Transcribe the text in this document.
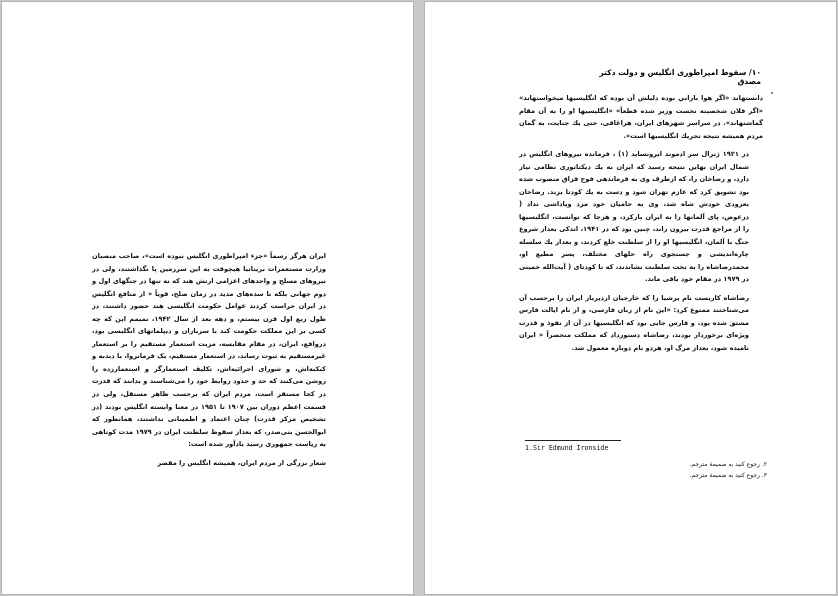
ایران هرگز رسماً «جزء امپراطوری انگلیس نبوده است»، صاحب منصبان وزارت مستعمرات بریتانیا هیچوقت به این سرزمین پا نگذاشتند، ولی در نیروهای مسلح و واحدهای اعزامی ارتش هند که نه تنها در جنگهای اول و دوم جهانی بلکه تا سده‌های مدید در زمان صلح، قویاً « از منافع انگلیس در ایران حراست کردند عوامل حکومت انگلیسی هند حضور داشتند، در طول ربع اول قرن بیستم، و دهه بعد از سال ۱۹۴۲، تمیمم این که چه کسی بر این مملکت حکومت کند با سربازان و دیپلماتهای انگلیسی بود، درواقع، ایران، در مقام مقایسه، مزیت استعمار مستقیم را بر استعمار غیرمستقیم به ثبوت رساند، در استعمار مستقیم، یک فرمانروا، با دبدبه و کبکبه‌اش، و شورای اجرائیه‌اش، تکلیف استعمارگر و استعمارزده را روشن می‌کنند که حد و حدود روابط خود را می‌شناسند و بدانند که قدرت در کجا مستقر است، مردم ایران که برحسب ظاهر مستقل، ولی در قسمت اعظم دوران بین ۱۹۰۷ تا ۱۹۵۱ در معنا وابسته انگلیس بودند (در تشخیص مرکز قدرت) چنان اعتماد و اطمینانی نداشتند، همانطور که ابوالحسن بنی‌صدر، که بعداز سقوط سلطنت ایران در ۱۹۷۹ مدت کوتاهی به ریاست جمهوری رسید یادآور شده است:

شعار بزرگی از مردم ایران، همیشه انگلیس را مقصر

۱۰/ سقوط امپراطوری انگلیس و دولت دکتر مصدق

دانستهاند «اگر هوا باراني بوده دليلش آن بوده كه انگليسيها میخواستهاند» «اگر فلان شخصيته نخست وزير شده قطعاً» «انگليسيها او را به آن مقام گماشتهاند». در سراسر شهرهای ايران، هراغاقی، حتی يك جنايت، به گمان مردم همیشه نتيجه تحريك انگليسيها است».

در ۱۹۲۱ ژنرال سر ادموند ایرونساید (۱) ، فرمانده نیروهای انگلیس در شمال ایران بهاین نتیجه رسید که ایران به یك دیکتاتوری نظامی نیاز دارد، و رضاخان را، که ازطرف وی به فرماندهی فوج قزاق منصوب شده بود تشویق کرد که عازم تهران شود و دست به یك کودتا بزند. رضاخان بعزودی خودش شاه شد، وی به حامیان خود مزد وپاداشی نداد ( درعوض، پای آلمانها را به ایران بازکرد، و هرجا که توانست، انگلیسیها را از مراجع قدرت بیرون راند، چنین بود که در ۱۹۴۱، اندکی بعداز شروع جنگ با آلمان، انگلیسیها او را از سلطنت خلع کردند، و بعداز یك سلسله چاره‌اندیشی و جستجوی راه حلهای مختلف، پسر مطیع او، محمدرضاشاه را به تخت سلطنت نشاندند، که تا کودتای ( آیت‌الله خمینی در ۱۹۷۹ در مقام خود باقی ماند.

رضاشاه کاریست نام پرشیا را که خارجیان ازدیرباز ایران را برحسب آن می‌شناختند ممنوع کرد: «این نام از زبان فارسی، و از نام ایالت فارس مشتق شده بود، و فارس جایی بود که انگلیسیها در آن از نفوذ و قدرت ویژه‌ای برخوردار بودند، رضاشاه دستورداد که مملکت منحصراً « ایران نامیده شود، بعداز مرگ او، هردو نام دوباره معمول شد.

1.Sir Edmund Ironside
۲. رجوع کنید به ضمیمهٔ مترجم.
۳. رجوع کنید به ضمیمهٔ مترجم.
